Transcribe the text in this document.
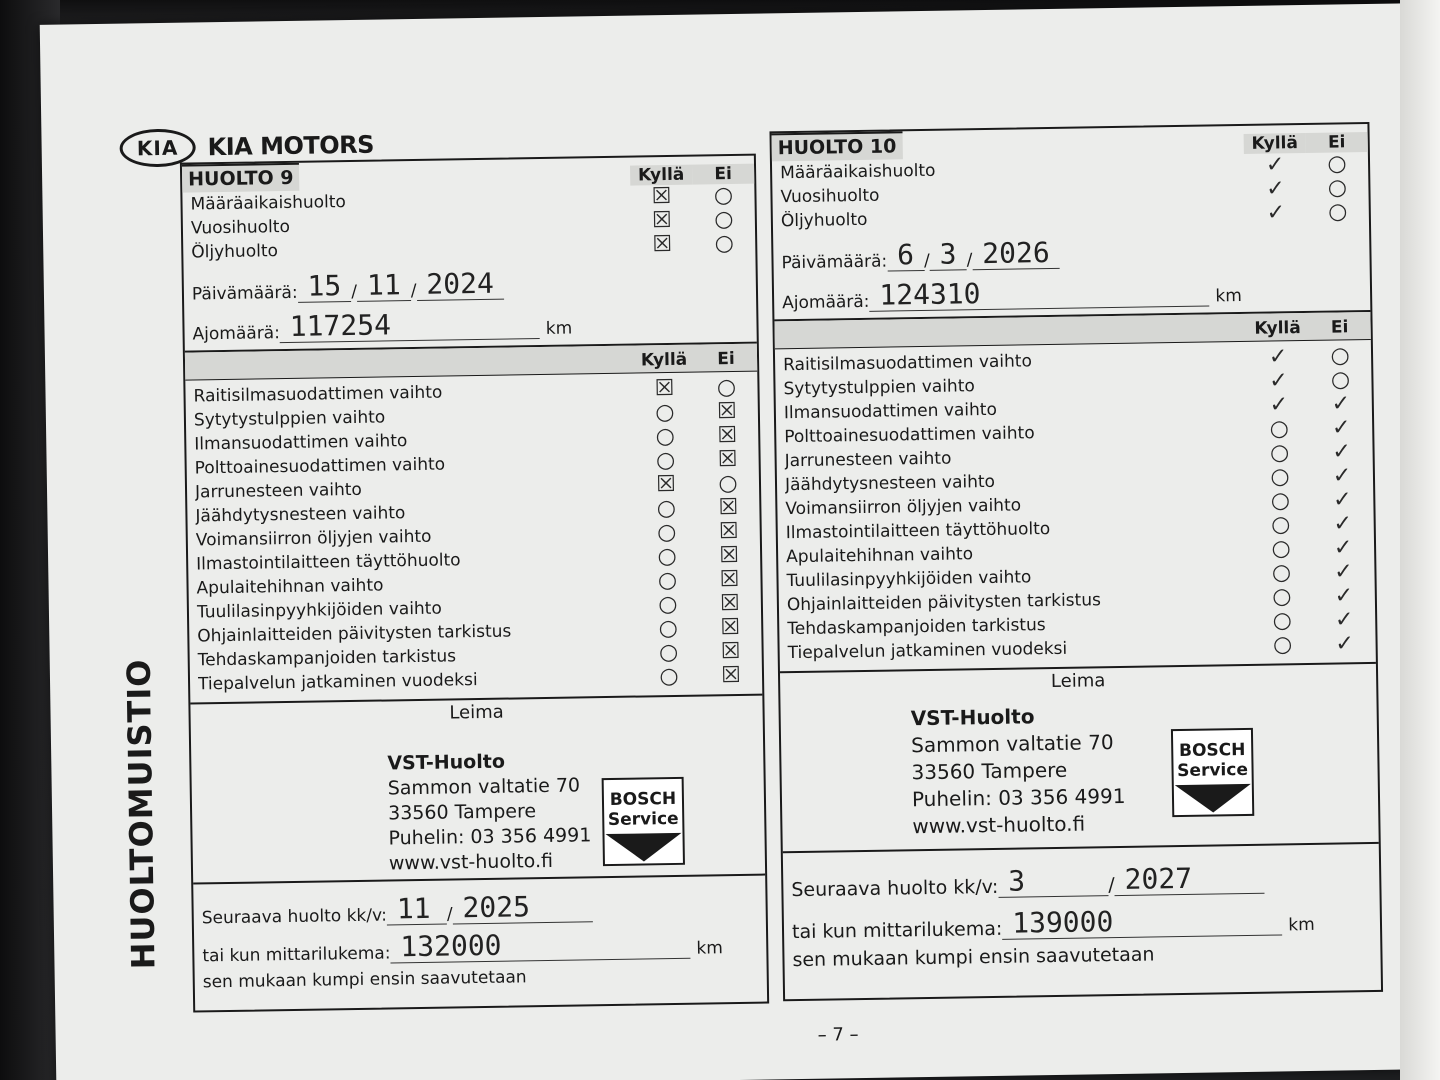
KIA	KIA MOTORS
HUOLTOMUISTIO
HUOLTO 9	Kyllä	Ei
Määräaikaishuolto	☒	○
Vuosihuolto	☒	○
Öljyhuolto	☒	○
Päivämäärä: 15 / 11 / 2024
Ajomäärä: 117254	km
Kyllä	Ei
Raitisilmasuodattimen vaihto	☒	○
Sytytystulppien vaihto	○	☒
Ilmansuodattimen vaihto	○	☒
Polttoainesuodattimen vaihto	○	☒
Jarrunesteen vaihto	☒	○
Jäähdytysnesteen vaihto	○	☒
Voimansiirron öljyjen vaihto	○	☒
Ilmastointilaitteen täyttöhuolto	○	☒
Apulaitehihnan vaihto	○	☒
Tuulilasinpyyhkijöiden vaihto	○	☒
Ohjainlaitteiden päivitysten tarkistus	○	☒
Tehdaskampanjoiden tarkistus	○	☒
Tiepalvelun jatkaminen vuodeksi	○	☒
Leima
VST-Huolto
Sammon valtatie 70
33560 Tampere
Puhelin: 03 356 4991
www.vst-huolto.fi
BOSCH
Service
Seuraava huolto kk/v: 11 / 2025
tai kun mittarilukema: 132000	km
sen mukaan kumpi ensin saavutetaan
HUOLTO 10	Kyllä	Ei
Määräaikaishuolto	✓	○
Vuosihuolto	✓	○
Öljyhuolto	✓	○
Päivämäärä: 6 / 3 / 2026
Ajomäärä: 124310	km
Kyllä	Ei
Raitisilmasuodattimen vaihto	✓	○
Sytytystulppien vaihto	✓	○
Ilmansuodattimen vaihto	✓	✓
Polttoainesuodattimen vaihto	○	✓
Jarrunesteen vaihto	○	✓
Jäähdytysnesteen vaihto	○	✓
Voimansiirron öljyjen vaihto	○	✓
Ilmastointilaitteen täyttöhuolto	○	✓
Apulaitehihnan vaihto	○	✓
Tuulilasinpyyhkijöiden vaihto	○	✓
Ohjainlaitteiden päivitysten tarkistus	○	✓
Tehdaskampanjoiden tarkistus	○	✓
Tiepalvelun jatkaminen vuodeksi	○	✓
Leima
VST-Huolto
Sammon valtatie 70
33560 Tampere
Puhelin: 03 356 4991
www.vst-huolto.fi
BOSCH
Service
Seuraava huolto kk/v: 3	/ 2027
tai kun mittarilukema: 139000	km
sen mukaan kumpi ensin saavutetaan
– 7 –
